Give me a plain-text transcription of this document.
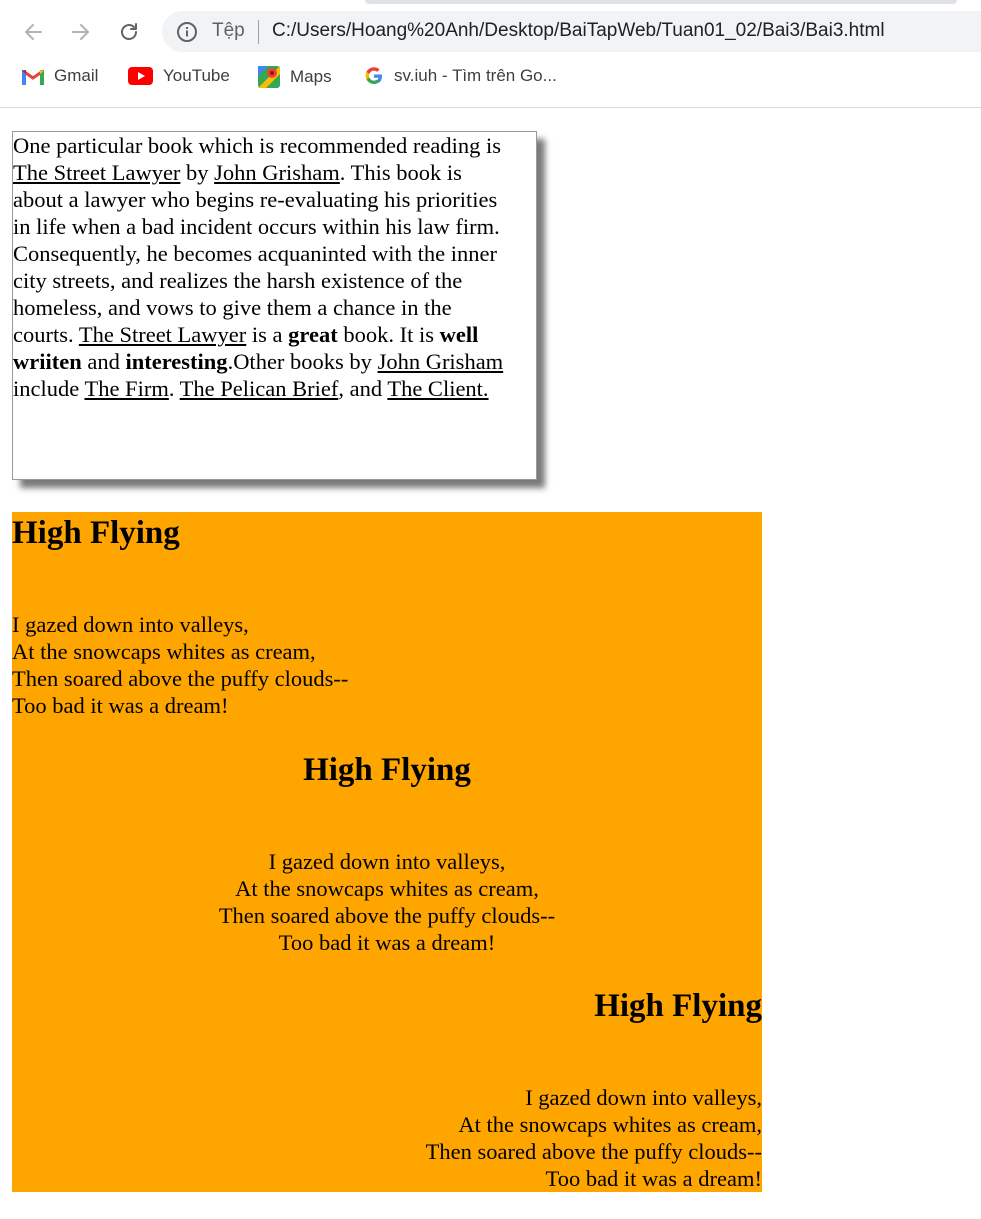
Tệp C:/Users/Hoang%20Anh/Desktop/BaiTapWeb/Tuan01_02/Bai3/Bai3.html
Gmail	YouTube	Maps	sv.iuh - Tìm trên Go...
One particular book which is recommended reading is The Street Lawyer by John Grisham. This book is about a lawyer who begins re-evaluating his priorities in life when a bad incident occurs within his law firm. Consequently, he becomes acquaninted with the inner city streets, and realizes the harsh existence of the homeless, and vows to give them a chance in the courts. The Street Lawyer is a great book. It is well wriiten and interesting.Other books by John Grisham include The Firm. The Pelican Brief, and The Client.
High Flying
I gazed down into valleys,
At the snowcaps whites as cream,
Then soared above the puffy clouds--
Too bad it was a dream!
High Flying
I gazed down into valleys,
At the snowcaps whites as cream,
Then soared above the puffy clouds--
Too bad it was a dream!
High Flying
I gazed down into valleys,
At the snowcaps whites as cream,
Then soared above the puffy clouds--
Too bad it was a dream!
